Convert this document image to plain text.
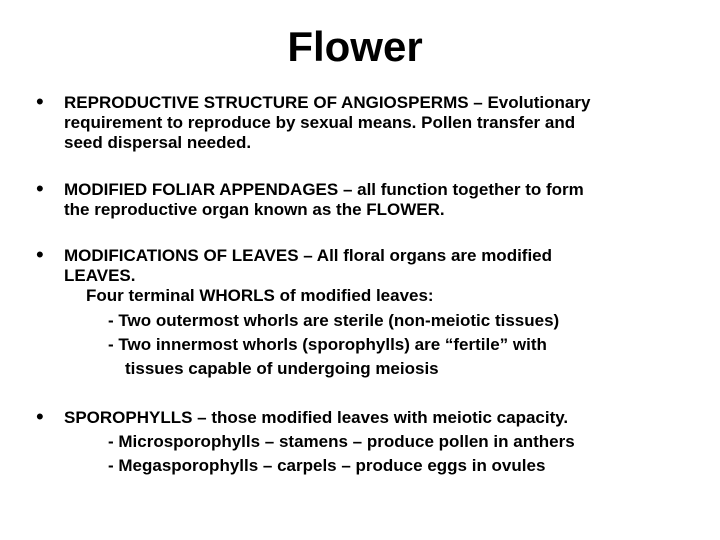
Flower
• REPRODUCTIVE STRUCTURE OF ANGIOSPERMS – Evolutionary
requirement to reproduce by sexual means. Pollen transfer and
seed dispersal needed.
• MODIFIED FOLIAR APPENDAGES – all function together to form
the reproductive organ known as the FLOWER.
• MODIFICATIONS OF LEAVES – All floral organs are modified
LEAVES.
Four terminal WHORLS of modified leaves:
- Two outermost whorls are sterile (non-meiotic tissues)
- Two innermost whorls (sporophylls) are “fertile” with
tissues capable of undergoing meiosis
• SPOROPHYLLS – those modified leaves with meiotic capacity.
- Microsporophylls – stamens – produce pollen in anthers
- Megasporophylls – carpels – produce eggs in ovules
